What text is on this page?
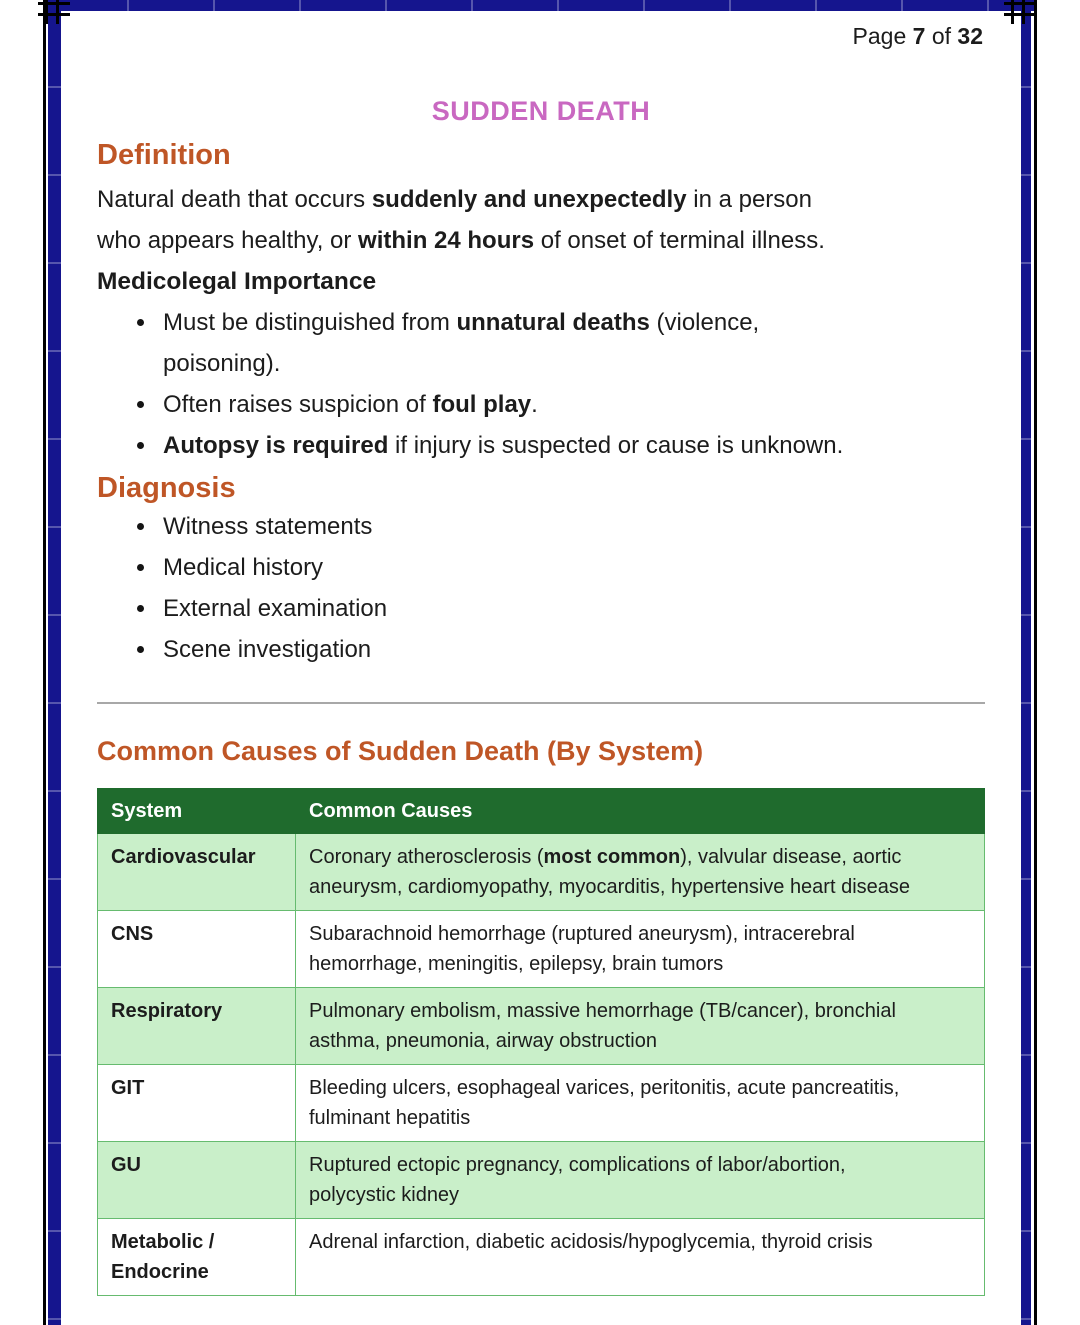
Page 7 of 32
SUDDEN DEATH
Definition
Natural death that occurs suddenly and unexpectedly in a person
who appears healthy, or within 24 hours of onset of terminal illness.
Medicolegal Importance
Must be distinguished from unnatural deaths (violence,
poisoning).
Often raises suspicion of foul play.
Autopsy is required if injury is suspected or cause is unknown.
Diagnosis
Witness statements
Medical history
External examination
Scene investigation
Common Causes of Sudden Death (By System)
System	Common Causes

Cardiovascular	Coronary atherosclerosis (most common), valvular disease, aortic
aneurysm, cardiomyopathy, myocarditis, hypertensive heart disease

CNS	Subarachnoid hemorrhage (ruptured aneurysm), intracerebral
hemorrhage, meningitis, epilepsy, brain tumors

Respiratory	Pulmonary embolism, massive hemorrhage (TB/cancer), bronchial
asthma, pneumonia, airway obstruction

GIT	Bleeding ulcers, esophageal varices, peritonitis, acute pancreatitis,
fulminant hepatitis

GU	Ruptured ectopic pregnancy, complications of labor/abortion,
polycystic kidney

Metabolic /
Endocrine	Adrenal infarction, diabetic acidosis/hypoglycemia, thyroid crisis
